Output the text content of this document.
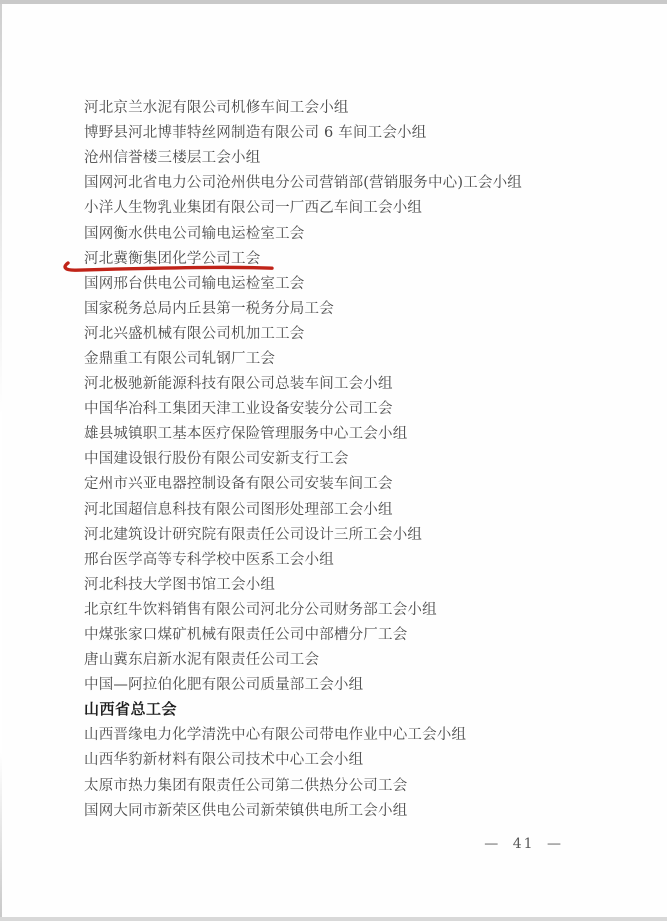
河北京兰水泥有限公司机修车间工会小组
博野县河北博菲特丝网制造有限公司 6 车间工会小组
沧州信誉楼三楼层工会小组
国网河北省电力公司沧州供电分公司营销部(营销服务中心)工会小组
小洋人生物乳业集团有限公司一厂西乙车间工会小组
国网衡水供电公司输电运检室工会
河北冀衡集团化学公司工会
国网邢台供电公司输电运检室工会
国家税务总局内丘县第一税务分局工会
河北兴盛机械有限公司机加工工会
金鼎重工有限公司轧钢厂工会
河北极驰新能源科技有限公司总装车间工会小组
中国华冶科工集团天津工业设备安装分公司工会
雄县城镇职工基本医疗保险管理服务中心工会小组
中国建设银行股份有限公司安新支行工会
定州市兴亚电器控制设备有限公司安装车间工会
河北国超信息科技有限公司图形处理部工会小组
河北建筑设计研究院有限责任公司设计三所工会小组
邢台医学高等专科学校中医系工会小组
河北科技大学图书馆工会小组
北京红牛饮料销售有限公司河北分公司财务部工会小组
中煤张家口煤矿机械有限责任公司中部槽分厂工会
唐山冀东启新水泥有限责任公司工会
中国—阿拉伯化肥有限公司质量部工会小组
山西省总工会
山西晋缘电力化学清洗中心有限公司带电作业中心工会小组
山西华豹新材料有限公司技术中心工会小组
太原市热力集团有限责任公司第二供热分公司工会
国网大同市新荣区供电公司新荣镇供电所工会小组
— 41 —
